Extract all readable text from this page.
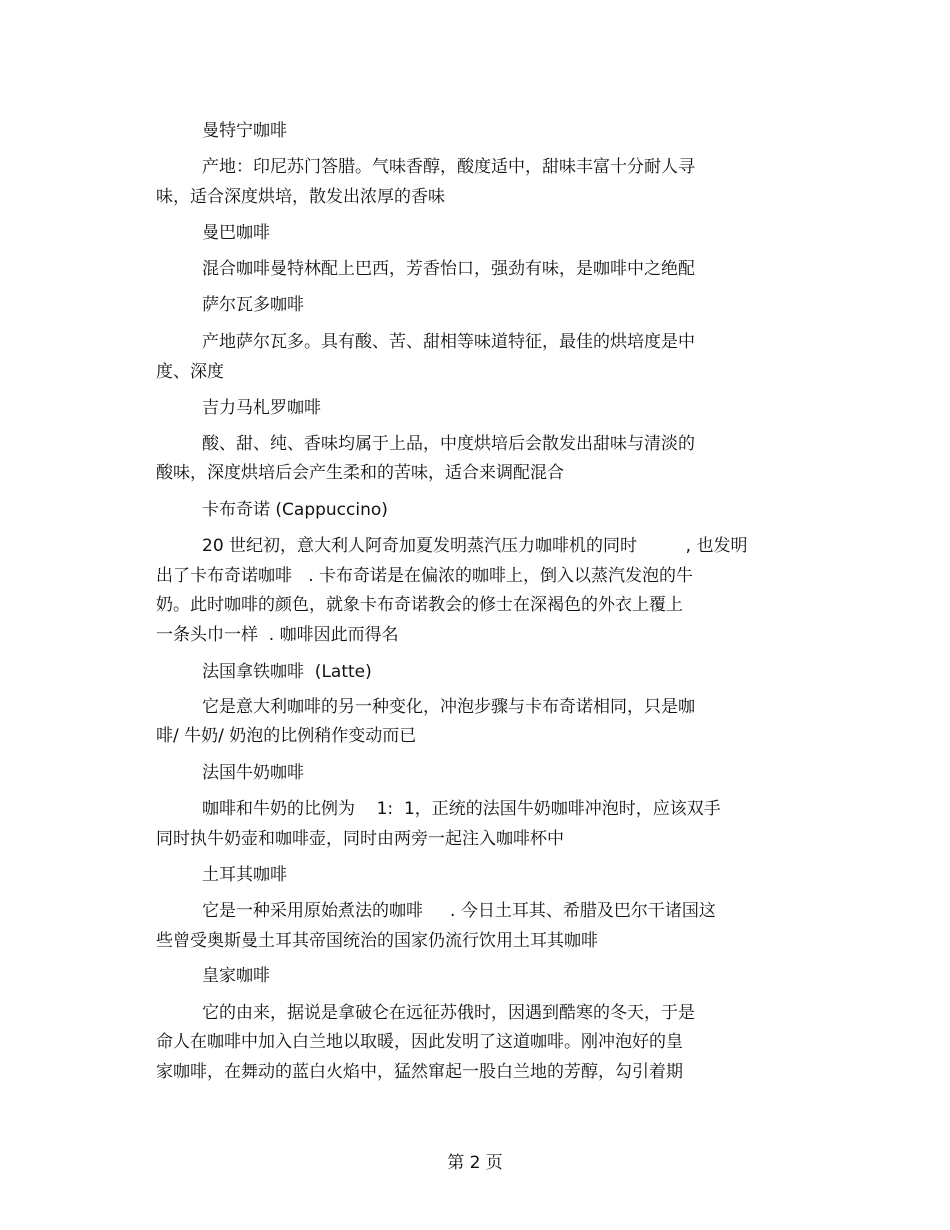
曼特宁咖啡

产地：印尼苏门答腊。气味香醇，酸度适中，甜味丰富十分耐人寻

味，适合深度烘培，散发出浓厚的香味

曼巴咖啡

混合咖啡曼特林配上巴西，芳香怡口，强劲有味，是咖啡中之绝配

萨尔瓦多咖啡

产地萨尔瓦多。具有酸、苦、甜相等味道特征，最佳的烘培度是中

度、深度

吉力马札罗咖啡

酸、甜、纯、香味均属于上品，中度烘培后会散发出甜味与清淡的

酸味，深度烘培后会产生柔和的苦味，适合来调配混合

卡布奇诺 (Cappuccino)

20 世纪初，意大利人阿奇加夏发明蒸汽压力咖啡机的同时         , 也发明

出了卡布奇诺咖啡   . 卡布奇诺是在偏浓的咖啡上，倒入以蒸汽发泡的牛

奶。此时咖啡的颜色，就象卡布奇诺教会的修士在深褐色的外衣上覆上

一条头巾一样  . 咖啡因此而得名

法国拿铁咖啡  (Latte)

它是意大利咖啡的另一种变化，冲泡步骤与卡布奇诺相同，只是咖

啡/ 牛奶/ 奶泡的比例稍作变动而已

法国牛奶咖啡

咖啡和牛奶的比例为    1:  1，正统的法国牛奶咖啡冲泡时，应该双手

同时执牛奶壶和咖啡壶，同时由两旁一起注入咖啡杯中

土耳其咖啡

它是一种采用原始煮法的咖啡     . 今日土耳其、希腊及巴尔干诸国这

些曾受奥斯曼土耳其帝国统治的国家仍流行饮用土耳其咖啡

皇家咖啡

它的由来，据说是拿破仑在远征苏俄时，因遇到酷寒的冬天，于是

命人在咖啡中加入白兰地以取暖，因此发明了这道咖啡。刚冲泡好的皇

家咖啡，在舞动的蓝白火焰中，猛然窜起一股白兰地的芳醇，勾引着期

第 2 页
